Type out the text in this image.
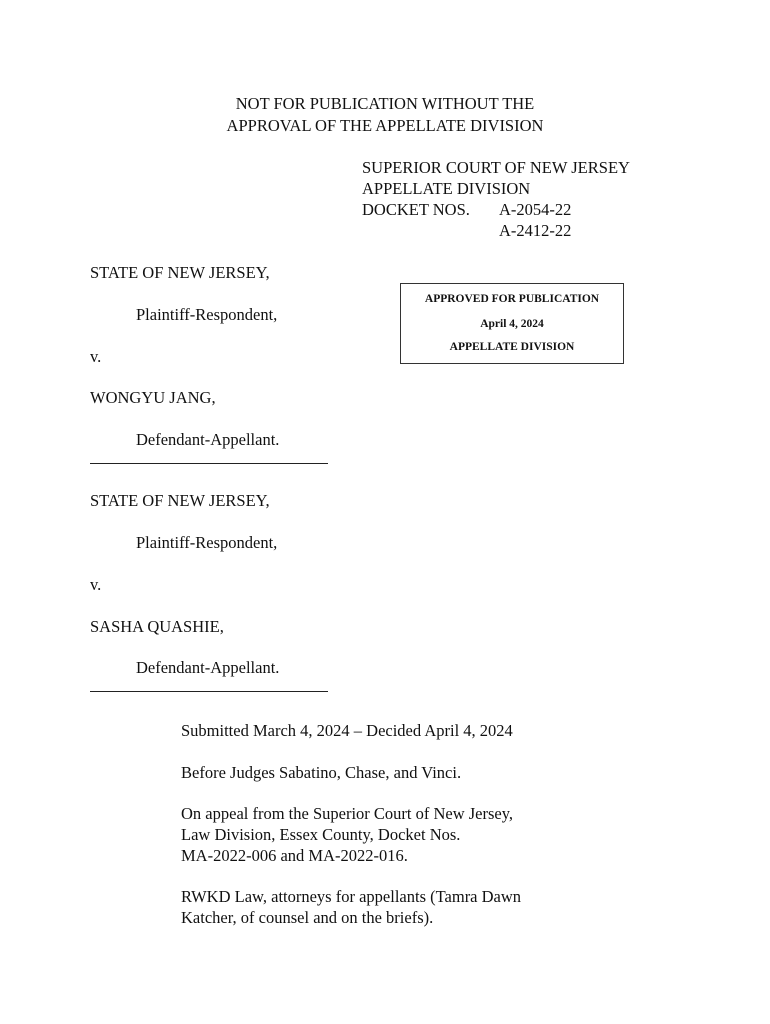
NOT FOR PUBLICATION WITHOUT THE
APPROVAL OF THE APPELLATE DIVISION
SUPERIOR COURT OF NEW JERSEY
APPELLATE DIVISION
DOCKET NOS. A-2054-22
A-2412-22
APPROVED FOR PUBLICATION
April 4, 2024
APPELLATE DIVISION
STATE OF NEW JERSEY,
Plaintiff-Respondent,
v.
WONGYU JANG,
Defendant-Appellant.
STATE OF NEW JERSEY,
Plaintiff-Respondent,
v.
SASHA QUASHIE,
Defendant-Appellant.
Submitted March 4, 2024 – Decided April 4, 2024
Before Judges Sabatino, Chase, and Vinci.
On appeal from the Superior Court of New Jersey,
Law Division, Essex County, Docket Nos.
MA-2022-006 and MA-2022-016.
RWKD Law, attorneys for appellants (Tamra Dawn
Katcher, of counsel and on the briefs).
